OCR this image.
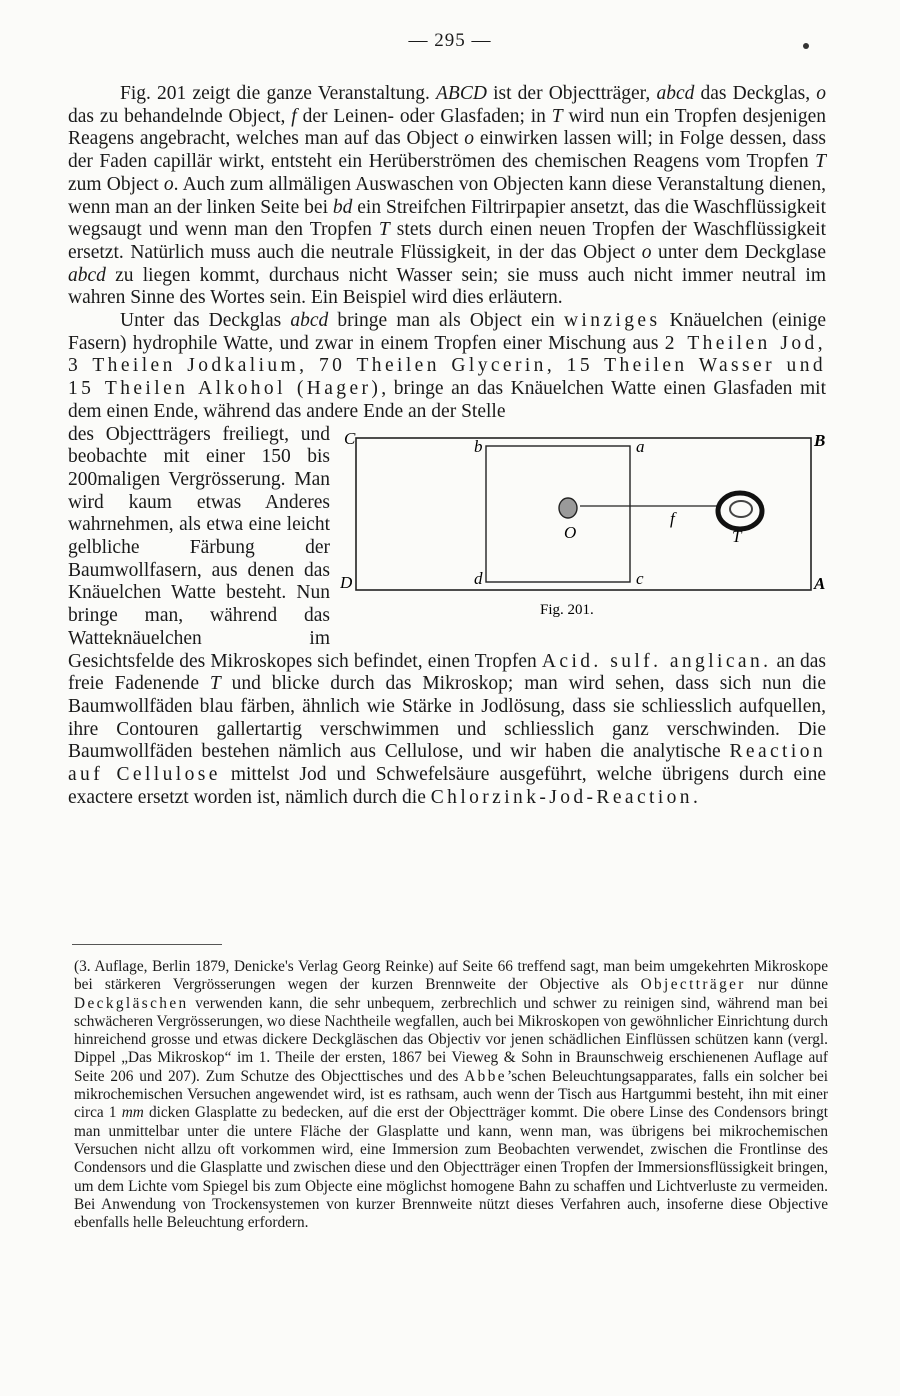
— 295 —

Fig. 201 zeigt die ganze Veranstaltung. ABCD ist der Objectträger, abcd das Deckglas, o das zu behandelnde Object, f der Leinen- oder Glasfaden; in T wird nun ein Tropfen desjenigen Reagens angebracht, welches man auf das Object o einwirken lassen will; in Folge dessen, dass der Faden capillär wirkt, entsteht ein Herüberströmen des chemischen Reagens vom Tropfen T zum Object o. Auch zum allmäligen Auswaschen von Objecten kann diese Veranstaltung dienen, wenn man an der linken Seite bei bd ein Streifchen Filtrirpapier ansetzt, das die Waschflüssigkeit wegsaugt und wenn man den Tropfen T stets durch einen neuen Tropfen der Waschflüssigkeit ersetzt. Natürlich muss auch die neutrale Flüssigkeit, in der das Object o unter dem Deckglase abcd zu liegen kommt, durchaus nicht Wasser sein; sie muss auch nicht immer neutral im wahren Sinne des Wortes sein. Ein Beispiel wird dies erläutern.

Unter das Deckglas abcd bringe man als Object ein winziges Knäuelchen (einige Fasern) hydrophile Watte, und zwar in einem Tropfen einer Mischung aus 2 Theilen Jod, 3 Theilen Jodkalium, 70 Theilen Glycerin, 15 Theilen Wasser und 15 Theilen Alkohol (Hager), bringe an das Knäuelchen Watte einen Glasfaden mit dem einen Ende, während das andere Ende an der Stelle

C	B
D	A
b	a
d	c
O
f
T
Fig. 201.
des Objectträgers freiliegt, und beobachte mit einer 150 bis 200maligen Vergrösserung. Man wird kaum etwas Anderes wahrnehmen, als etwa eine leicht gelbliche Färbung der Baumwollfasern, aus denen das Knäuelchen Watte besteht. Nun bringe man, während das Watteknäuelchen im Gesichtsfelde des Mikroskopes sich befindet, einen Tropfen Acid. sulf. anglican. an das freie Fadenende T und blicke durch das Mikroskop; man wird sehen, dass sich nun die Baumwollfäden blau färben, ähnlich wie Stärke in Jodlösung, dass sie schliesslich aufquellen, ihre Contouren gallertartig verschwimmen und schliesslich ganz verschwinden. Die Baumwollfäden bestehen nämlich aus Cellulose, und wir haben die analytische Reaction auf Cellulose mittelst Jod und Schwefelsäure ausgeführt, welche übrigens durch eine exactere ersetzt worden ist, nämlich durch die Chlorzink-Jod-Reaction.

(3. Auflage, Berlin 1879, Denicke's Verlag Georg Reinke) auf Seite 66 treffend sagt, man beim umgekehrten Mikroskope bei stärkeren Vergrösserungen wegen der kurzen Brennweite der Objective als Objectträger nur dünne Deckgläschen verwenden kann, die sehr unbequem, zerbrechlich und schwer zu reinigen sind, während man bei schwächeren Vergrösserungen, wo diese Nachtheile wegfallen, auch bei Mikroskopen von gewöhnlicher Einrichtung durch hinreichend grosse und etwas dickere Deckgläschen das Objectiv vor jenen schädlichen Einflüssen schützen kann (vergl. Dippel „Das Mikroskop“ im 1. Theile der ersten, 1867 bei Vieweg & Sohn in Braunschweig erschienenen Auflage auf Seite 206 und 207). Zum Schutze des Objecttisches und des Abbe’schen Beleuchtungsapparates, falls ein solcher bei mikrochemischen Versuchen angewendet wird, ist es rathsam, auch wenn der Tisch aus Hartgummi besteht, ihn mit einer circa 1 mm dicken Glasplatte zu bedecken, auf die erst der Objectträger kommt. Die obere Linse des Condensors bringt man unmittelbar unter die untere Fläche der Glasplatte und kann, wenn man, was übrigens bei mikrochemischen Versuchen nicht allzu oft vorkommen wird, eine Immersion zum Beobachten verwendet, zwischen die Frontlinse des Condensors und die Glasplatte und zwischen diese und den Objectträger einen Tropfen der Immersionsflüssigkeit bringen, um dem Lichte vom Spiegel bis zum Objecte eine möglichst homogene Bahn zu schaffen und Lichtverluste zu vermeiden. Bei Anwendung von Trockensystemen von kurzer Brennweite nützt dieses Verfahren auch, insoferne diese Objective ebenfalls helle Beleuchtung erfordern.
